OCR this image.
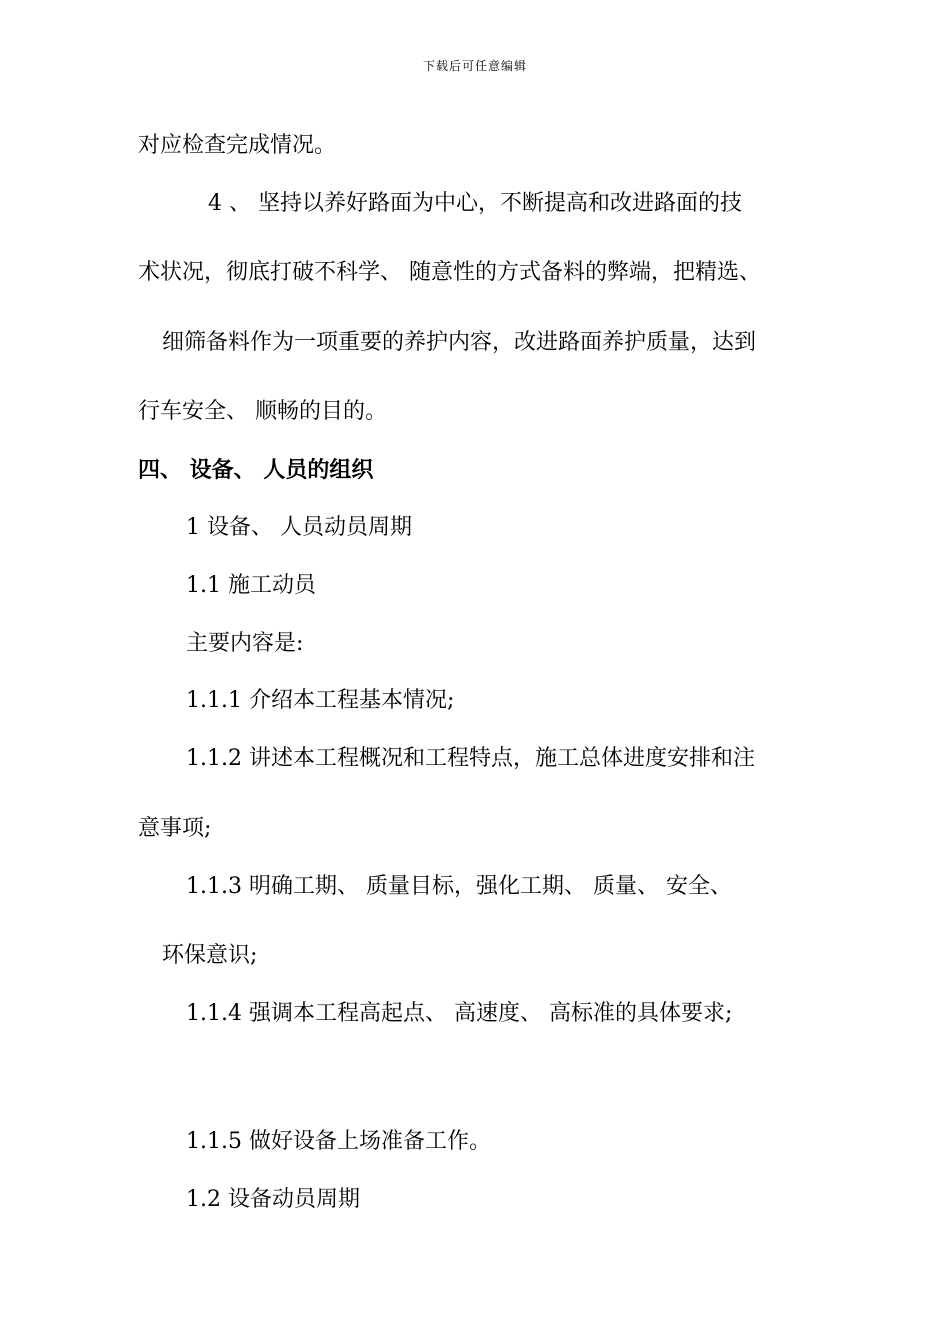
下载后可任意编辑
对应检查完成情况。
4 、 坚持以养好路面为中心，不断提高和改进路面的技
术状况，彻底打破不科学、 随意性的方式备料的弊端，把精选、
细筛备料作为一项重要的养护内容，改进路面养护质量，达到
行车安全、 顺畅的目的。
四、 设备、 人员的组织
1 设备、 人员动员周期
1.1 施工动员
主要内容是:
1.1.1 介绍本工程基本情况;
1.1.2 讲述本工程概况和工程特点，施工总体进度安排和注
意事项;
1.1.3 明确工期、 质量目标，强化工期、 质量、 安全、
环保意识;
1.1.4 强调本工程高起点、 高速度、 高标准的具体要求;
1.1.5 做好设备上场准备工作。
1.2 设备动员周期
